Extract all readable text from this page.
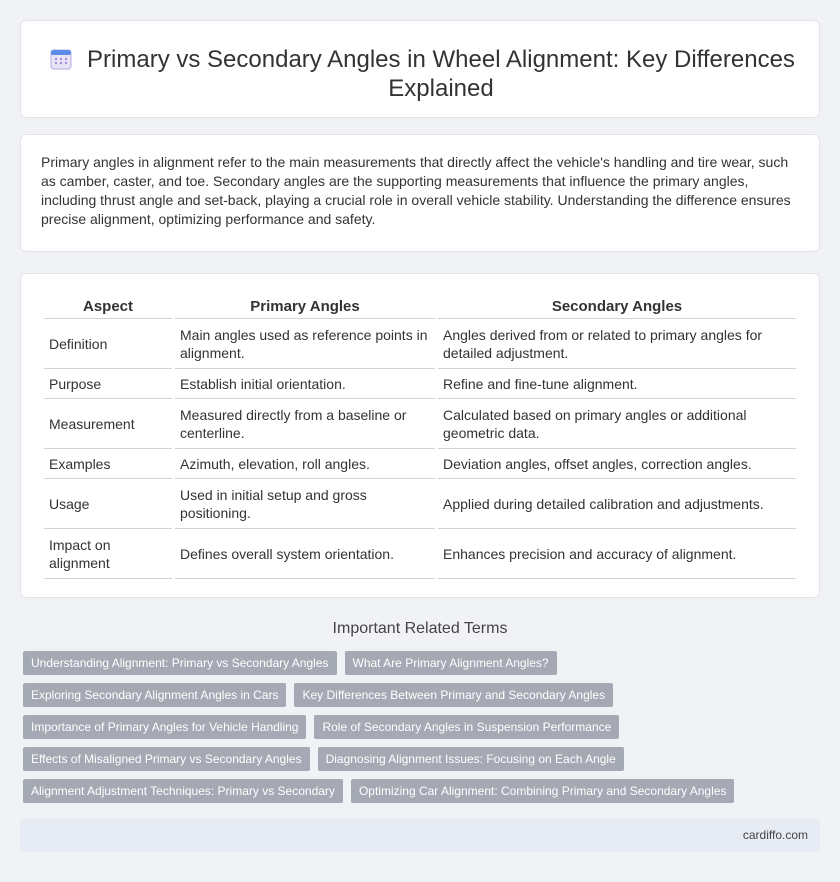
Primary vs Secondary Angles in Wheel Alignment: Key Differences Explained

Primary angles in alignment refer to the main measurements that directly affect the vehicle's handling and tire wear, such as camber, caster, and toe. Secondary angles are the supporting measurements that influence the primary angles, including thrust angle and set-back, playing a crucial role in overall vehicle stability. Understanding the difference ensures precise alignment, optimizing performance and safety.

Aspect	Primary Angles	Secondary Angles
Definition	Main angles used as reference points in alignment.	Angles derived from or related to primary angles for detailed adjustment.
Purpose	Establish initial orientation.	Refine and fine-tune alignment.
Measurement	Measured directly from a baseline or centerline.	Calculated based on primary angles or additional geometric data.
Examples	Azimuth, elevation, roll angles.	Deviation angles, offset angles, correction angles.
Usage	Used in initial setup and gross positioning.	Applied during detailed calibration and adjustments.
Impact on alignment	Defines overall system orientation.	Enhances precision and accuracy of alignment.
Important Related Terms
Understanding Alignment: Primary vs Secondary Angles	What Are Primary Alignment Angles?
Exploring Secondary Alignment Angles in Cars	Key Differences Between Primary and Secondary Angles
Importance of Primary Angles for Vehicle Handling	Role of Secondary Angles in Suspension Performance
Effects of Misaligned Primary vs Secondary Angles	Diagnosing Alignment Issues: Focusing on Each Angle
Alignment Adjustment Techniques: Primary vs Secondary	Optimizing Car Alignment: Combining Primary and Secondary Angles
cardiffo.com
